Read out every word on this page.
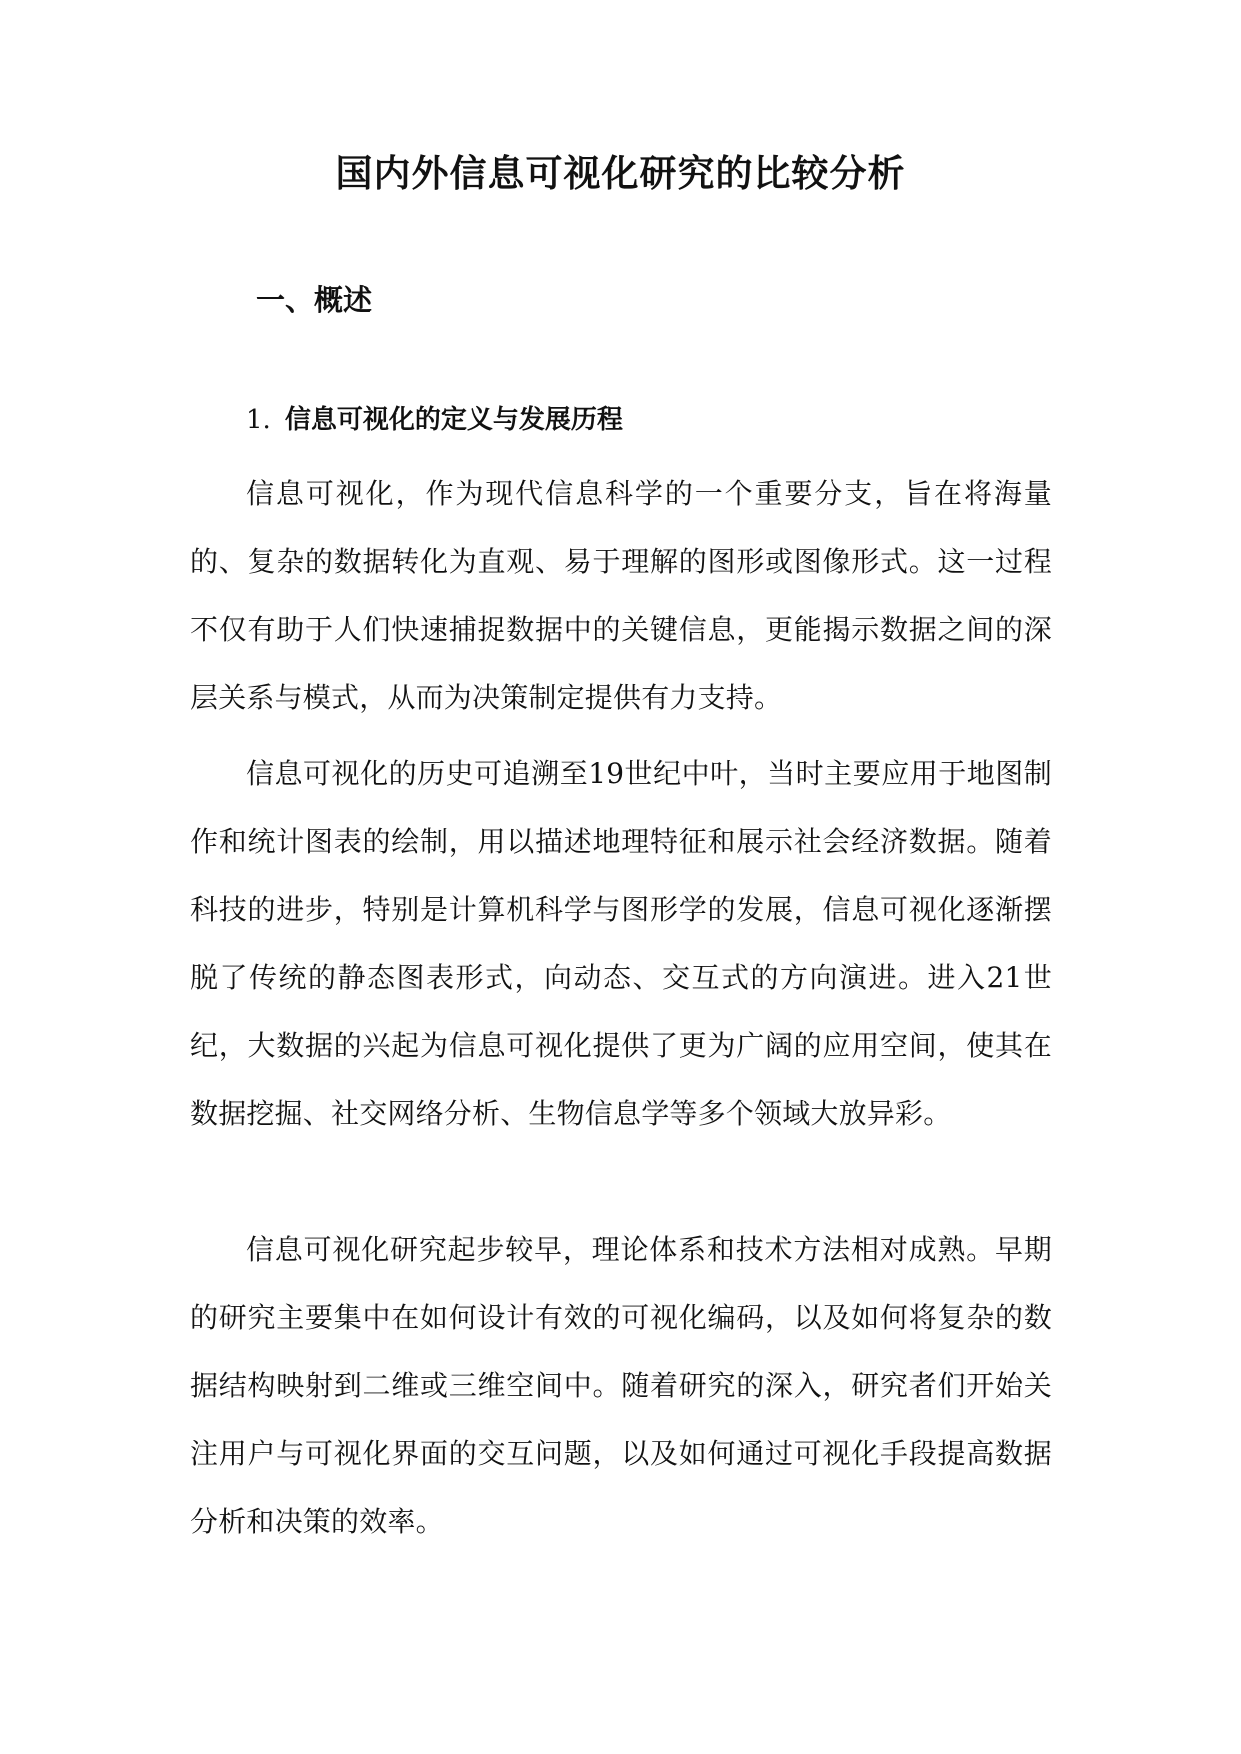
国内外信息可视化研究的比较分析
一、概述
1. 信息可视化的定义与发展历程

信息可视化，作为现代信息科学的一个重要分支，旨在将海量的、复杂的数据转化为直观、易于理解的图形或图像形式。这一过程不仅有助于人们快速捕捉数据中的关键信息，更能揭示数据之间的深层关系与模式，从而为决策制定提供有力支持。

信息可视化的历史可追溯至19世纪中叶，当时主要应用于地图制作和统计图表的绘制，用以描述地理特征和展示社会经济数据。随着科技的进步，特别是计算机科学与图形学的发展，信息可视化逐渐摆脱了传统的静态图表形式，向动态、交互式的方向演进。进入21世纪，大数据的兴起为信息可视化提供了更为广阔的应用空间，使其在数据挖掘、社交网络分析、生物信息学等多个领域大放异彩。

信息可视化研究起步较早，理论体系和技术方法相对成熟。早期的研究主要集中在如何设计有效的可视化编码，以及如何将复杂的数据结构映射到二维或三维空间中。随着研究的深入，研究者们开始关注用户与可视化界面的交互问题，以及如何通过可视化手段提高数据分析和决策的效率。
